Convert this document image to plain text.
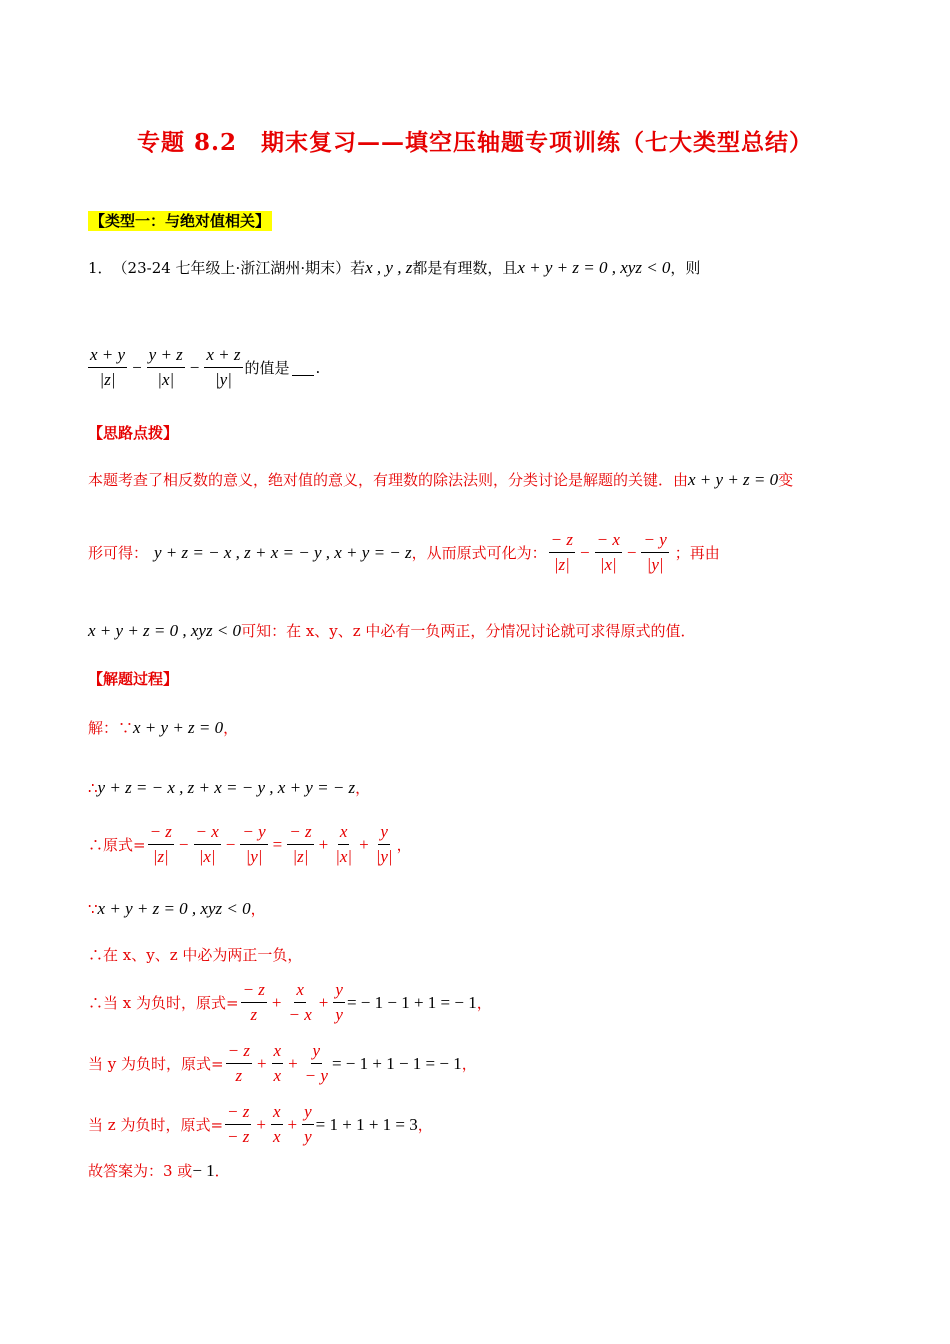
专题 8.2　期末复习——填空压轴题专项训练（七大类型总结）
【类型一：与绝对值相关】
1． （23-24 七年级上·浙江湖州·期末） 若 x , y , z 都是有理数，且 x + y + z = 0 , xyz < 0 ，则
$\frac{x + y}{|z|} - \frac{y + z}{|x|} - \frac{x + z}{|y|}$ 的值是 .
【思路点拨】
本题考查了相反数的意义，绝对值的意义，有理数的除法法则，分类讨论是解题的关键．由 x + y + z = 0 变
形可得： y + z = − x , z + x = − y , x + y = − z ，从而原式可化为： $\frac{- z}{|z|} - \frac{- x}{|x|} - \frac{- y}{|y|}$ ；再由
x + y + z = 0 , xyz < 0 可知：在 x、y、z 中必有一负两正，分情况讨论就可求得原式的值．
【解题过程】
解：∵ x + y + z = 0 ，
∴ y + z = − x , z + x = − y , x + y = − z ，
∴原式= $\frac{- z}{|z|} - \frac{- x}{|x|} - \frac{- y}{|y|} = \frac{- z}{|z|} + \frac{x}{|x|} + \frac{y}{|y|}$ ，
∵ x + y + z = 0 , xyz < 0 ，
∴在 x、y、z 中必为两正一负，
∴当 x 为负时，原式= $\frac{- z}{z} + \frac{x}{- x} + \frac{y}{y}$ = − 1 − 1 + 1 = − 1 ，
当 y 为负时，原式= $\frac{- z}{z} + \frac{x}{x} + \frac{y}{- y}$ = − 1 + 1 − 1 = − 1 ，
当 z 为负时，原式= $\frac{- z}{- z} + \frac{x}{x} + \frac{y}{y} = 1 + 1 + 1 = 3$ ，
故答案为：3 或 − 1 ．
